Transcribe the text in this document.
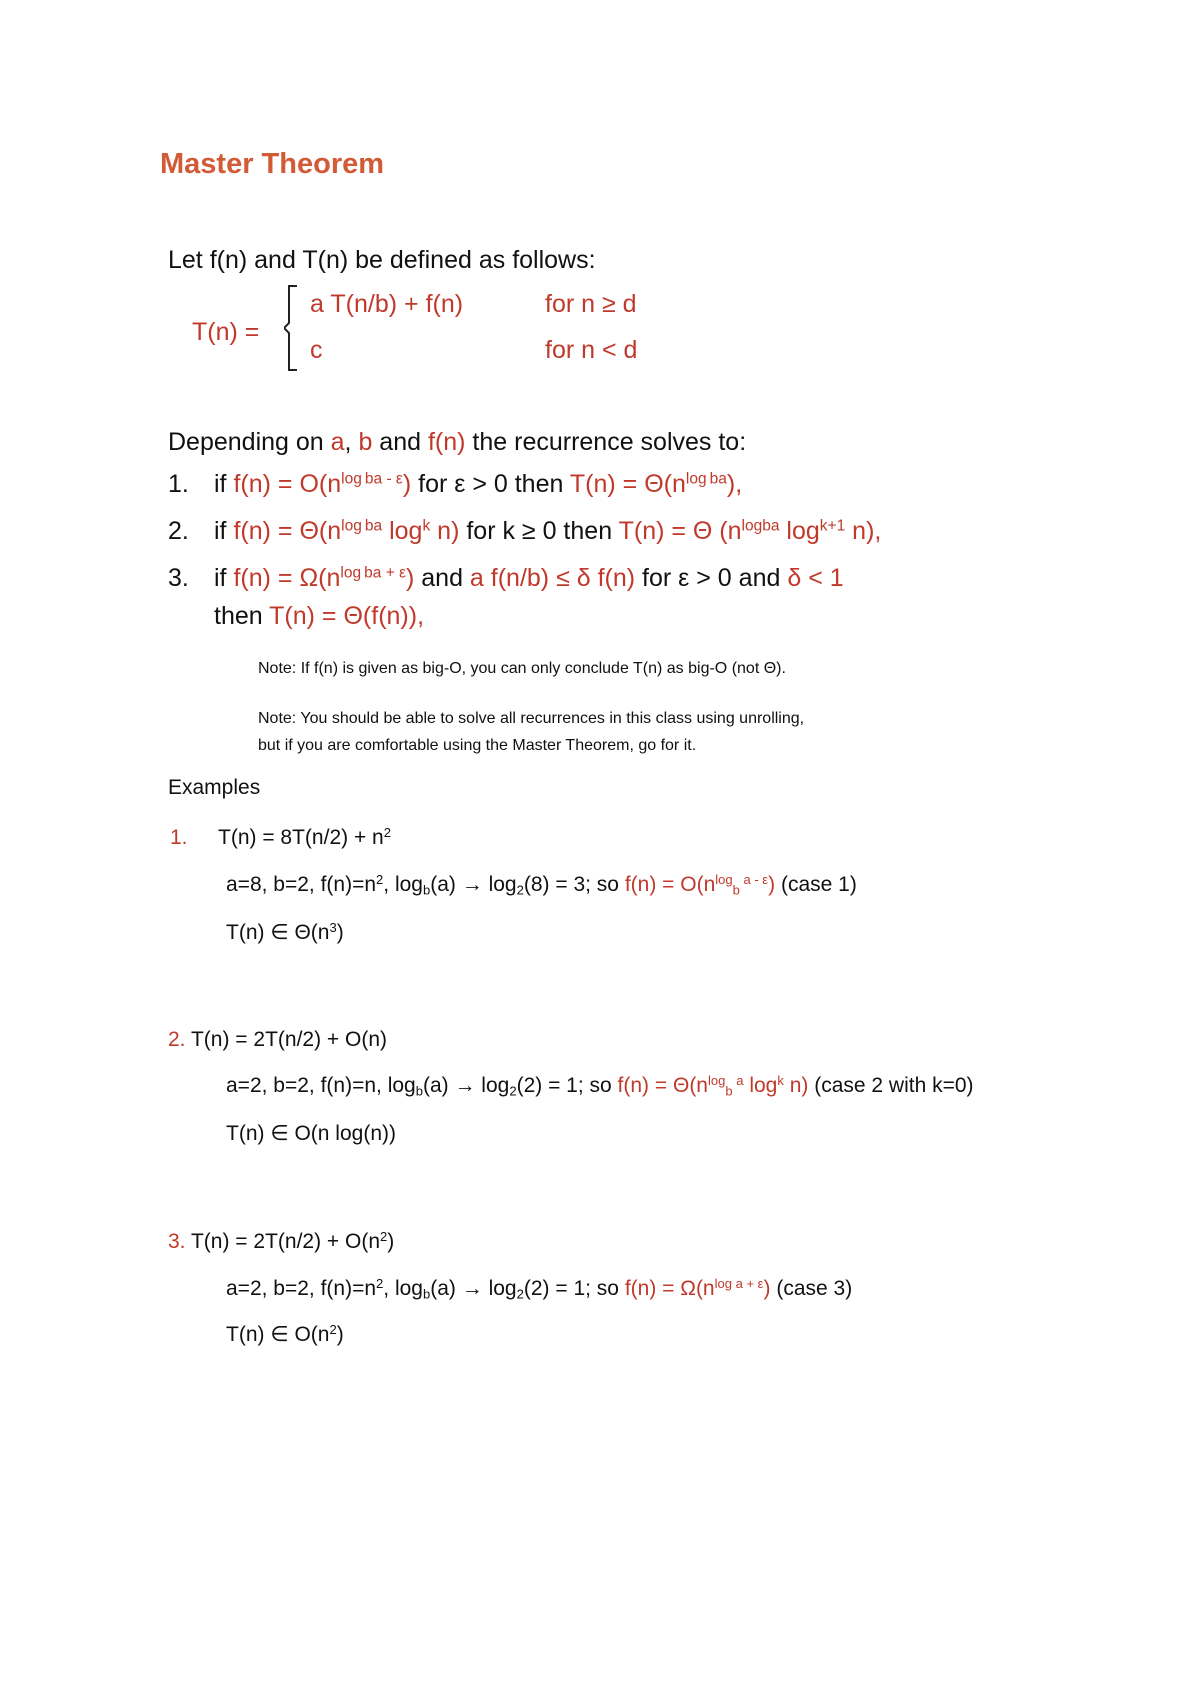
Master Theorem
Let f(n) and T(n) be defined as follows:
T(n) =
a T(n/b) + f(n)	for n ≥ d
c	for n < d
Depending on a, b and f(n) the recurrence solves to:
1. if $f(n) = O(n^{log ba - \varepsilon})$ for ε > 0 then $T(n) = \Theta(n^{log ba})$,
2. if $f(n) = \Theta(n^{log ba}$ $\log^k n$) for k ≥ 0 then T(n) = Θ ($n^{logba}$ $\log^{k+1} n$),
3. if $f(n) = \Omega(n^{log ba + \varepsilon})$ and a f(n/b) ≤ δ f(n) for ε > 0 and δ < 1
then T(n) = Θ(f(n)),
Note: If f(n) is given as big-O, you can only conclude T(n) as big-O (not Θ).
Note: You should be able to solve all recurrences in this class using unrolling,
but if you are comfortable using the Master Theorem, go for it.
Examples
1. $T(n) = 8T(n/2) + n^2$
a=8, b=2, $f(n)=n^2$, $\log_b(a) \to \log_2(8) = 3$; so $f(n) = O(n^{log}_b$ $^{a - \varepsilon}$) (case 1)
T(n) ∈ $\Theta(n^3)$
2. T(n) = 2T(n/2) + O(n)
a=2, b=2, f(n)=n, $\log_b(a) \to \log_2(2) = 1$; so $f(n) = \Theta(n^{log}_b$ $^a$ $\log^k n$) (case 2 with k=0)
T(n) ∈ O(n log(n))
3. $T(n) = 2T(n/2) + O(n^2)$
a=2, b=2, $f(n)=n^2$, $\log_b(a) \to \log_2(2) = 1$; so $f(n) = \Omega(n^{log a + \varepsilon})$ (case 3)
T(n) ∈ $O(n^2)$
